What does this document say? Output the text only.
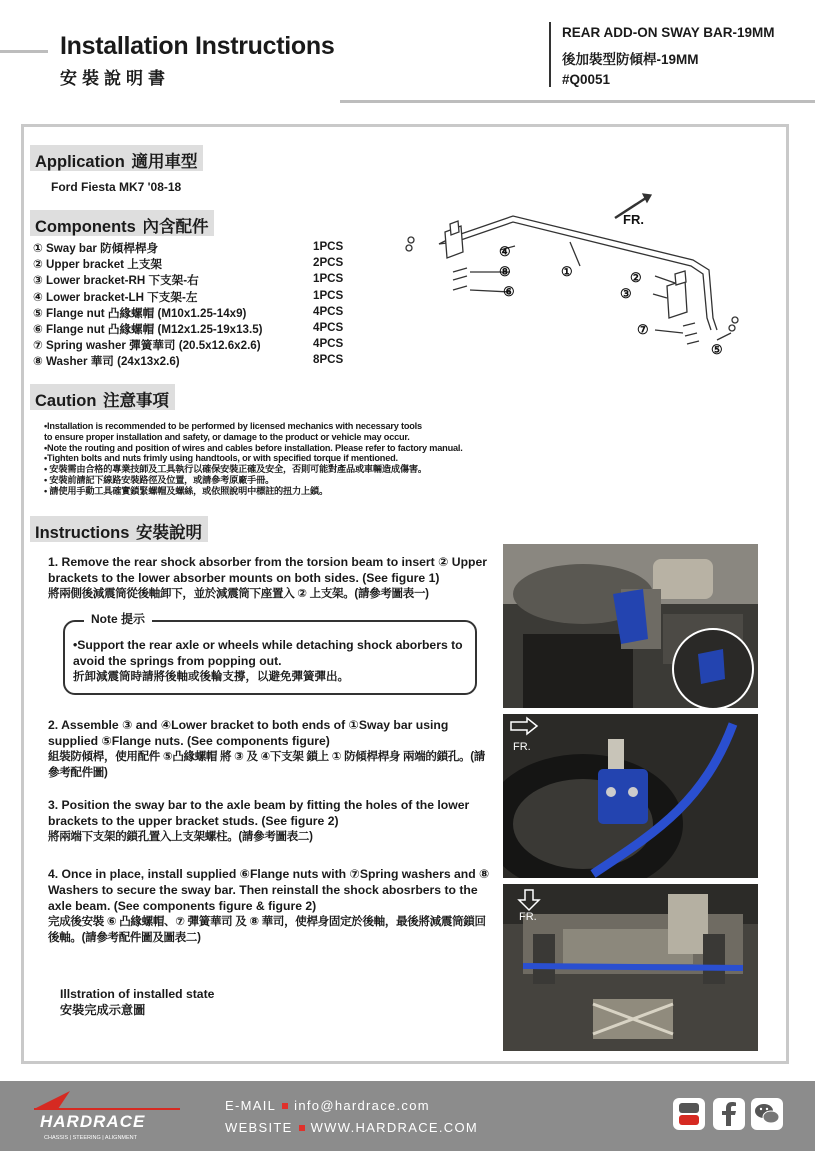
Installation Instructions
安裝說明書
REAR ADD-ON SWAY BAR-19MM
後加裝型防傾桿-19MM
#Q0051
Application 適用車型
Ford Fiesta MK7 '08-18
Components 內含配件
① Sway bar 防傾桿桿身	1PCS
② Upper bracket 上支架	2PCS
③ Lower bracket-RH 下支架-右	1PCS
④ Lower bracket-LH 下支架-左	1PCS
⑤ Flange nut 凸緣螺帽 (M10x1.25-14x9)	4PCS
⑥ Flange nut 凸緣螺帽 (M12x1.25-19x13.5)	4PCS
⑦ Spring washer 彈簧華司 (20.5x12.6x2.6)	4PCS
⑧ Washer 華司 (24x13x2.6)	8PCS
FR.
①	②
③
④
⑤
⑥
⑦
⑧
Caution 注意事項
•Installation is recommended to be performed by licensed mechanics with necessary tools
to ensure proper installation and safety, or damage to the product or vehicle may occur.
•Note the routing and position of wires and cables before installation. Please refer to factory manual.
•Tighten bolts and nuts frimly using handtools, or with specified torque if mentioned.
• 安裝需由合格的專業技師及工具執行以確保安裝正確及安全，否則可能對產品或車輛造成傷害。
• 安裝前請記下線路安裝路徑及位置，或請參考原廠手冊。
• 請使用手動工具確實鎖緊螺帽及螺絲，或依照說明中標註的扭力上鎖。
Instructions 安裝說明
1. Remove the rear shock absorber from the torsion beam to insert ② Upper brackets to the lower absorber mounts on both sides. (See figure 1)
將兩側後減震筒從後軸卸下，並於減震筒下座置入 ② 上支架。(請參考圖表一)
Note 提示
•Support the rear axle or wheels while detaching shock aborbers to avoid the springs from popping out.
折卸減震筒時請將後軸或後輪支撐，以避免彈簧彈出。
2. Assemble ③ and ④Lower bracket to both ends of ①Sway bar using supplied ⑤Flange nuts. (See components figure)
組裝防傾桿，使用配件 ⑤凸緣螺帽 將 ③ 及 ④下支架 鎖上 ① 防傾桿桿身 兩端的鎖孔。(請參考配件圖)
3. Position the sway bar to the axle beam by fitting the holes of the lower brackets to the upper bracket studs. (See figure 2)
將兩端下支架的鎖孔置入上支架螺柱。(請參考圖表二)
4. Once in place, install supplied ⑥Flange nuts with ⑦Spring washers and ⑧ Washers to secure the sway bar. Then reinstall the shock abosrbers to the axle beam. (See components figure & figure 2)
完成後安裝 ⑥ 凸緣螺帽、⑦ 彈簧華司 及 ⑧ 華司，使桿身固定於後軸，最後將減震筒鎖回後軸。(請參考配件圖及圖表二)
Illstration of installed state
安裝完成示意圖
FR.
FR.
HARDRACE
CHASSIS | STEERING | ALIGNMENT
E-MAIL info@hardrace.com
WEBSITE WWW.HARDRACE.COM
